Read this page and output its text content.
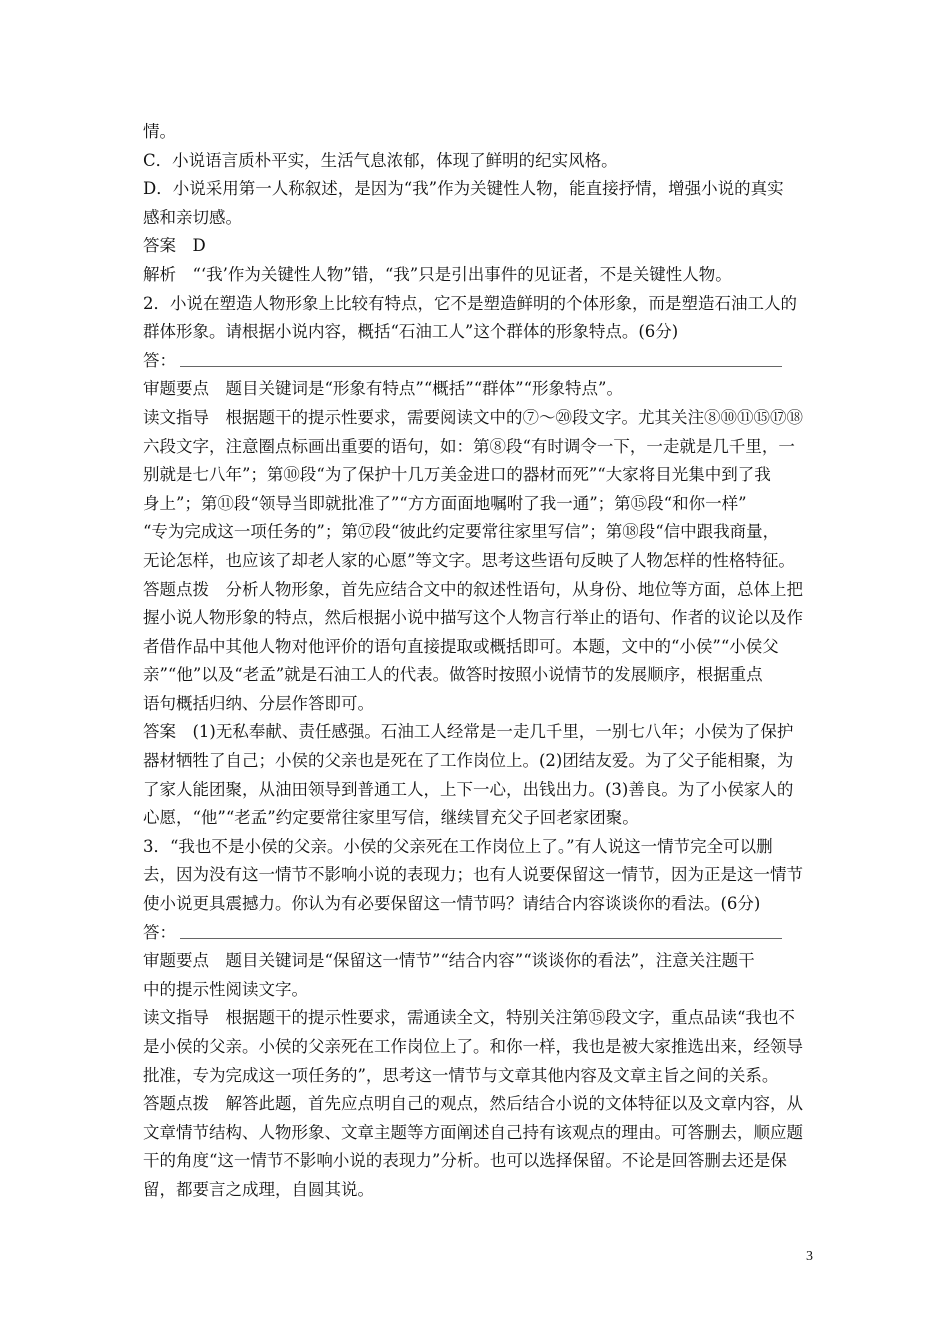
情。
C．小说语言质朴平实，生活气息浓郁，体现了鲜明的纪实风格。
D．小说采用第一人称叙述，是因为“我”作为关键性人物，能直接抒情，增强小说的真实
感和亲切感。
答案　D
解析　“‘我’作为关键性人物”错，“我”只是引出事件的见证者，不是关键性人物。
2．小说在塑造人物形象上比较有特点，它不是塑造鲜明的个体形象，而是塑造石油工人的
群体形象。请根据小说内容，概括“石油工人”这个群体的形象特点。(6分)
答：
审题要点　题目关键词是“形象有特点”“概括”“群体”“形象特点”。
读文指导　根据题干的提示性要求，需要阅读文中的⑦～⑳段文字。尤其关注⑧⑩⑪⑮⑰⑱
六段文字，注意圈点标画出重要的语句，如：第⑧段“有时调令一下，一走就是几千里，一
别就是七八年”；第⑩段“为了保护十几万美金进口的器材而死”“大家将目光集中到了我
身上”；第⑪段“领导当即就批准了”“方方面面地嘱咐了我一通”；第⑮段“和你一样”
“专为完成这一项任务的”；第⑰段“彼此约定要常往家里写信”；第⑱段“信中跟我商量，
无论怎样，也应该了却老人家的心愿”等文字。思考这些语句反映了人物怎样的性格特征。
答题点拨　分析人物形象，首先应结合文中的叙述性语句，从身份、地位等方面，总体上把
握小说人物形象的特点，然后根据小说中描写这个人物言行举止的语句、作者的议论以及作
者借作品中其他人物对他评价的语句直接提取或概括即可。本题，文中的“小侯”“小侯父
亲”“他”以及“老孟”就是石油工人的代表。做答时按照小说情节的发展顺序，根据重点
语句概括归纳、分层作答即可。
答案　(1)无私奉献、责任感强。石油工人经常是一走几千里，一别七八年；小侯为了保护
器材牺牲了自己；小侯的父亲也是死在了工作岗位上。(2)团结友爱。为了父子能相聚，为
了家人能团聚，从油田领导到普通工人，上下一心，出钱出力。(3)善良。为了小侯家人的
心愿，“他”“老孟”约定要常往家里写信，继续冒充父子回老家团聚。
3．“我也不是小侯的父亲。小侯的父亲死在工作岗位上了。”有人说这一情节完全可以删
去，因为没有这一情节不影响小说的表现力；也有人说要保留这一情节，因为正是这一情节
使小说更具震撼力。你认为有必要保留这一情节吗？请结合内容谈谈你的看法。(6分)
答：
审题要点　题目关键词是“保留这一情节”“结合内容”“谈谈你的看法”，注意关注题干
中的提示性阅读文字。
读文指导　根据题干的提示性要求，需通读全文，特别关注第⑮段文字，重点品读“我也不
是小侯的父亲。小侯的父亲死在工作岗位上了。和你一样，我也是被大家推选出来，经领导
批准，专为完成这一项任务的”，思考这一情节与文章其他内容及文章主旨之间的关系。
答题点拨　解答此题，首先应点明自己的观点，然后结合小说的文体特征以及文章内容，从
文章情节结构、人物形象、文章主题等方面阐述自己持有该观点的理由。可答删去，顺应题
干的角度“这一情节不影响小说的表现力”分析。也可以选择保留。不论是回答删去还是保
留，都要言之成理，自圆其说。
3
